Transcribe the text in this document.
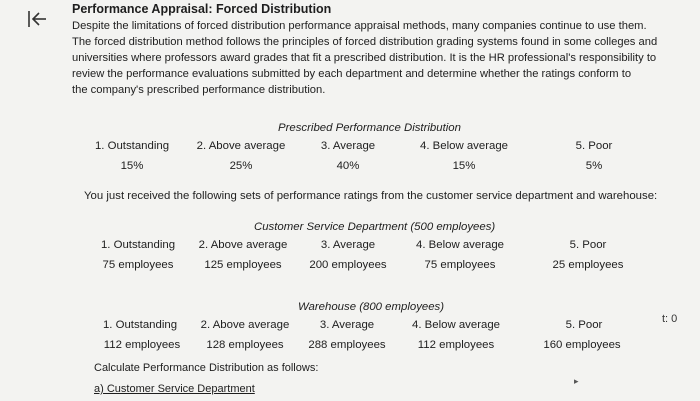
Performance Appraisal: Forced Distribution
Despite the limitations of forced distribution performance appraisal methods, many companies continue to use them.
The forced distribution method follows the principles of forced distribution grading systems found in some colleges and
universities where professors award grades that fit a prescribed distribution. It is the HR professional's responsibility to
review the performance evaluations submitted by each department and determine whether the ratings conform to
the company's prescribed performance distribution.
Prescribed Performance Distribution
1. Outstanding	2. Above average	3. Average	4. Below average	5. Poor
15%	25%	40%	15%	5%
You just received the following sets of performance ratings from the customer service department and warehouse:
Customer Service Department (500 employees)
1. Outstanding	2. Above average	3. Average	4. Below average	5. Poor
75 employees	125 employees	200 employees	75 employees	25 employees
Warehouse (800 employees)
1. Outstanding	2. Above average	3. Average	4. Below average	5. Poor
112 employees	128 employees 288 employees	112 employees	160 employees
Calculate Performance Distribution as follows:
a) Customer Service Department
t: 0
▸
